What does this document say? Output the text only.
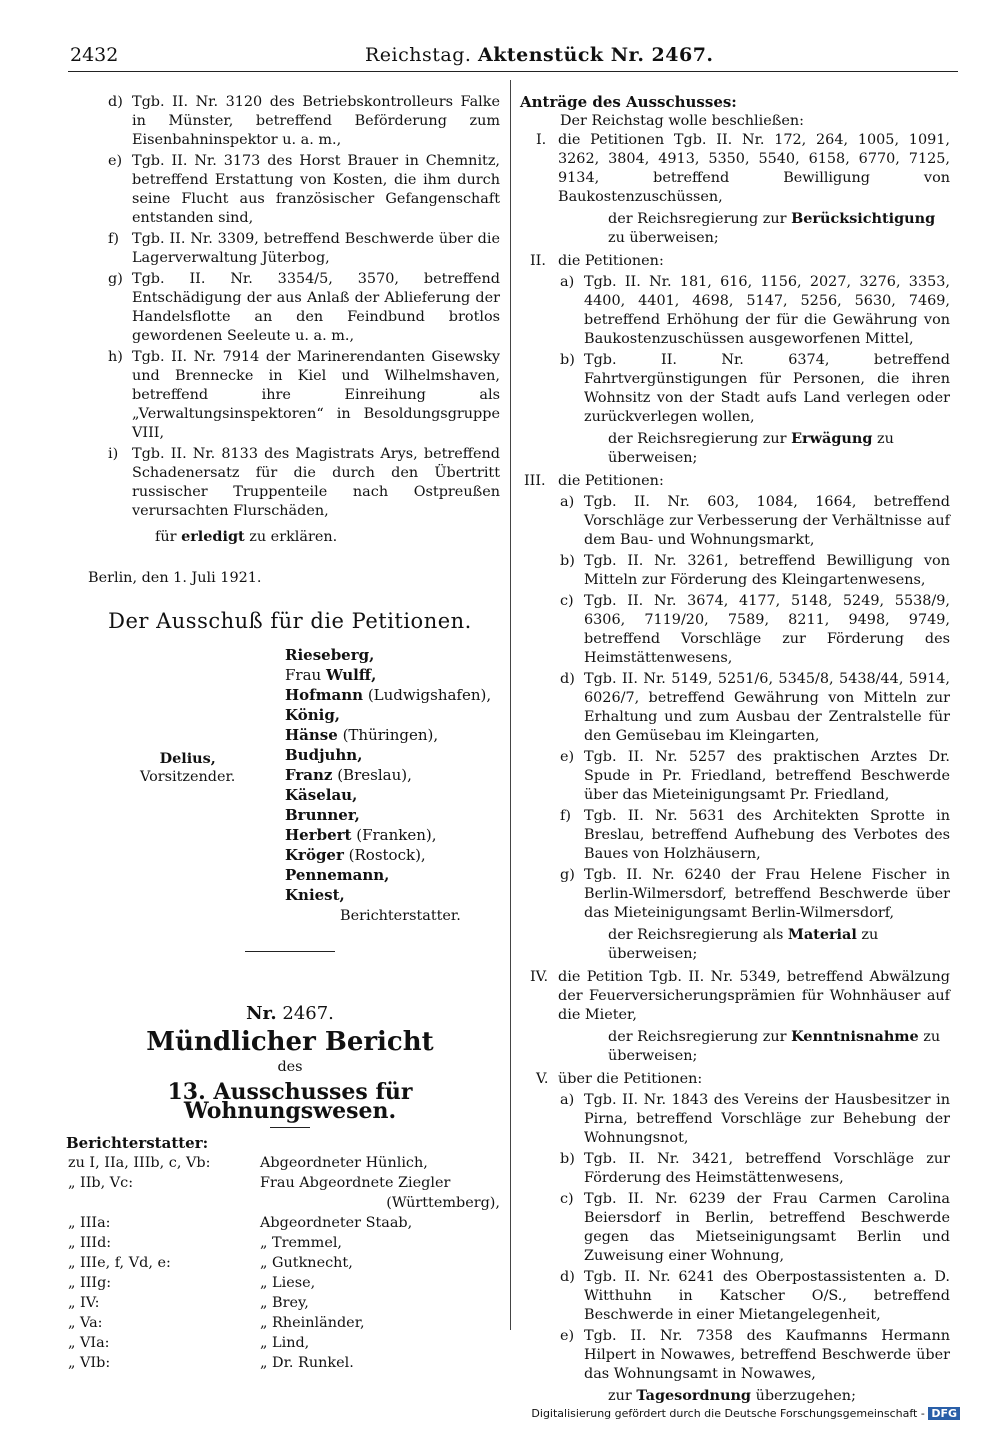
2432	Reichstag. Aktenstück Nr. 2467.
d) Tgb. II. Nr. 3120 des Betriebskontrolleurs Falke in Münster, betreffend Beförderung zum Eisenbahninspektor u. a. m.,
e) Tgb. II. Nr. 3173 des Horst Brauer in Chemnitz, betreffend Erstattung von Kosten, die ihm durch seine Flucht aus französischer Gefangenschaft entstanden sind,
f) Tgb. II. Nr. 3309, betreffend Beschwerde über die Lagerverwaltung Jüterbog,
g) Tgb. II. Nr. 3354/5, 3570, betreffend Entschädigung der aus Anlaß der Ablieferung der Handelsflotte an den Feindbund brotlos gewordenen Seeleute u. a. m.,
h) Tgb. II. Nr. 7914 der Marinerendanten Gisewsky und Brennecke in Kiel und Wilhelmshaven, betreffend ihre Einreihung als „Verwaltungsinspektoren“ in Besoldungsgruppe VIII,
i) Tgb. II. Nr. 8133 des Magistrats Arys, betreffend Schadenersatz für die durch den Übertritt russischer Truppenteile nach Ostpreußen verursachten Flurschäden,

für erledigt zu erklären.

Berlin, den 1. Juli 1921.

Der Ausschuß für die Petitionen.

Delius,
Vorsitzender.
Rieseberg,
Frau Wulff,
Hofmann (Ludwigshafen),
König,
Hänse (Thüringen),
Budjuhn,
Franz (Breslau),
Käselau,
Brunner,
Herbert (Franken),
Kröger (Rostock),
Pennemann,
Kniest,
Berichterstatter.

Nr. 2467.

Mündlicher Bericht

des

13. Ausschusses für Wohnungswesen.

Berichterstatter:

zu I, IIa, IIIb, c, Vb:	Abgeordneter Hünlich,
„ IIb, Vc:	Frau Abgeordnete Ziegler
(Württemberg),
„ IIIa:	Abgeordneter Staab,
„ IIId:	„ Tremmel,
„ IIIe, f, Vd, e:	„ Gutknecht,
„ IIIg:	„ Liese,
„ IV:	„ Brey,
„ Va:	„ Rheinländer,
„ VIa:	„ Lind,
„ VIb:	„ Dr. Runkel.

Anträge des Ausschusses:

Der Reichstag wolle beschließen:

I. die Petitionen Tgb. II. Nr. 172, 264, 1005, 1091, 3262, 3804, 4913, 5350, 5540, 6158, 6770, 7125, 9134, betreffend Bewilligung von Baukostenzuschüssen,

der Reichsregierung zur Berücksichtigung zu überweisen;

II. die Petitionen:
a) Tgb. II. Nr. 181, 616, 1156, 2027, 3276, 3353, 4400, 4401, 4698, 5147, 5256, 5630, 7469, betreffend Erhöhung der für die Gewährung von Baukostenzuschüssen ausgeworfenen Mittel,
b) Tgb. II. Nr. 6374, betreffend Fahrtvergünstigungen für Personen, die ihren Wohnsitz von der Stadt aufs Land verlegen oder zurückverlegen wollen,

der Reichsregierung zur Erwägung zu überweisen;

III. die Petitionen:
a) Tgb. II. Nr. 603, 1084, 1664, betreffend Vorschläge zur Verbesserung der Verhältnisse auf dem Bau- und Wohnungsmarkt,
b) Tgb. II. Nr. 3261, betreffend Bewilligung von Mitteln zur Förderung des Kleingartenwesens,
c) Tgb. II. Nr. 3674, 4177, 5148, 5249, 5538/9, 6306, 7119/20, 7589, 8211, 9498, 9749, betreffend Vorschläge zur Förderung des Heimstättenwesens,
d) Tgb. II. Nr. 5149, 5251/6, 5345/8, 5438/44, 5914, 6026/7, betreffend Gewährung von Mitteln zur Erhaltung und zum Ausbau der Zentralstelle für den Gemüsebau im Kleingarten,
e) Tgb. II. Nr. 5257 des praktischen Arztes Dr. Spude in Pr. Friedland, betreffend Beschwerde über das Mieteinigungsamt Pr. Friedland,
f) Tgb. II. Nr. 5631 des Architekten Sprotte in Breslau, betreffend Aufhebung des Verbotes des Baues von Holzhäusern,
g) Tgb. II. Nr. 6240 der Frau Helene Fischer in Berlin-Wilmersdorf, betreffend Beschwerde über das Mieteinigungsamt Berlin-Wilmersdorf,

der Reichsregierung als Material zu überweisen;

IV. die Petition Tgb. II. Nr. 5349, betreffend Abwälzung der Feuerversicherungsprämien für Wohnhäuser auf die Mieter,

der Reichsregierung zur Kenntnisnahme zu überweisen;

V. über die Petitionen:
a) Tgb. II. Nr. 1843 des Vereins der Hausbesitzer in Pirna, betreffend Vorschläge zur Behebung der Wohnungsnot,
b) Tgb. II. Nr. 3421, betreffend Vorschläge zur Förderung des Heimstättenwesens,
c) Tgb. II. Nr. 6239 der Frau Carmen Carolina Beiersdorf in Berlin, betreffend Beschwerde gegen das Mietseinigungsamt Berlin und Zuweisung einer Wohnung,
d) Tgb. II. Nr. 6241 des Oberpostassistenten a. D. Witthuhn in Katscher O/S., betreffend Beschwerde in einer Mietangelegenheit,
e) Tgb. II. Nr. 7358 des Kaufmanns Hermann Hilpert in Nowawes, betreffend Beschwerde über das Wohnungsamt in Nowawes,

zur Tagesordnung überzugehen;

Digitalisierung gefördert durch die Deutsche Forschungsgemeinschaft - DFG
